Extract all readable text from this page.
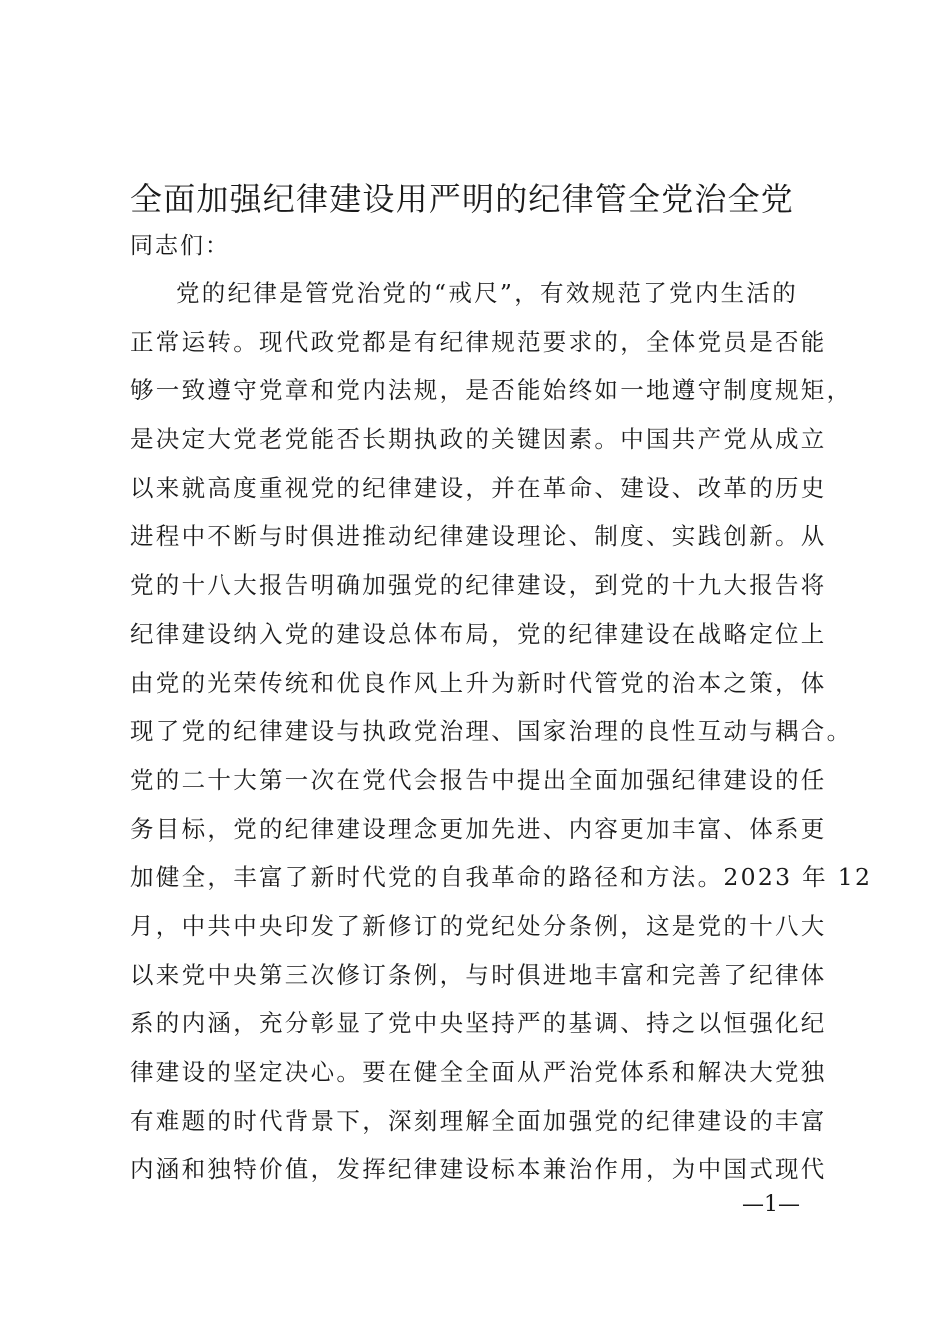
全面加强纪律建设用严明的纪律管全党治全党

同志们：

党的纪律是管党治党的“戒尺”，有效规范了党内生活的
正常运转。现代政党都是有纪律规范要求的，全体党员是否能
够一致遵守党章和党内法规，是否能始终如一地遵守制度规矩，
是决定大党老党能否长期执政的关键因素。中国共产党从成立
以来就高度重视党的纪律建设，并在革命、建设、改革的历史
进程中不断与时俱进推动纪律建设理论、制度、实践创新。从
党的十八大报告明确加强党的纪律建设，到党的十九大报告将
纪律建设纳入党的建设总体布局，党的纪律建设在战略定位上
由党的光荣传统和优良作风上升为新时代管党的治本之策，体
现了党的纪律建设与执政党治理、国家治理的良性互动与耦合。
党的二十大第一次在党代会报告中提出全面加强纪律建设的任
务目标，党的纪律建设理念更加先进、内容更加丰富、体系更
加健全，丰富了新时代党的自我革命的路径和方法。2023 年 12
月，中共中央印发了新修订的党纪处分条例，这是党的十八大
以来党中央第三次修订条例，与时俱进地丰富和完善了纪律体
系的内涵，充分彰显了党中央坚持严的基调、持之以恒强化纪
律建设的坚定决心。要在健全全面从严治党体系和解决大党独
有难题的时代背景下，深刻理解全面加强党的纪律建设的丰富
内涵和独特价值，发挥纪律建设标本兼治作用，为中国式现代

—1—
